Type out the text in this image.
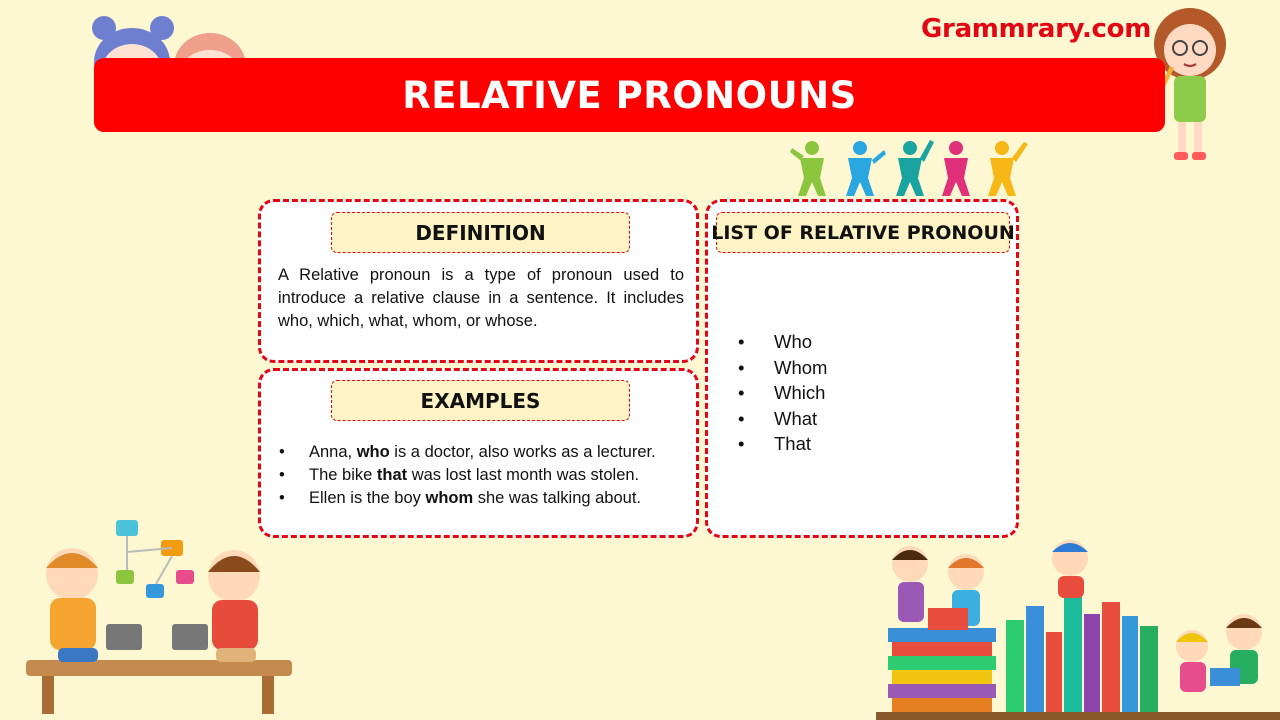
Grammrary.com
RELATIVE PRONOUNS
DEFINITION

A Relative pronoun is a type of pronoun used to introduce a relative clause in a sentence. It includes who, which, what, whom, or whose.

EXAMPLES
• Anna, who is a doctor, also works as a lecturer.
• The bike that was lost last month was stolen.
• Ellen is the boy whom she was talking about.
LIST OF RELATIVE PRONOUN
• Who
• Whom
• Which
• What
• That
